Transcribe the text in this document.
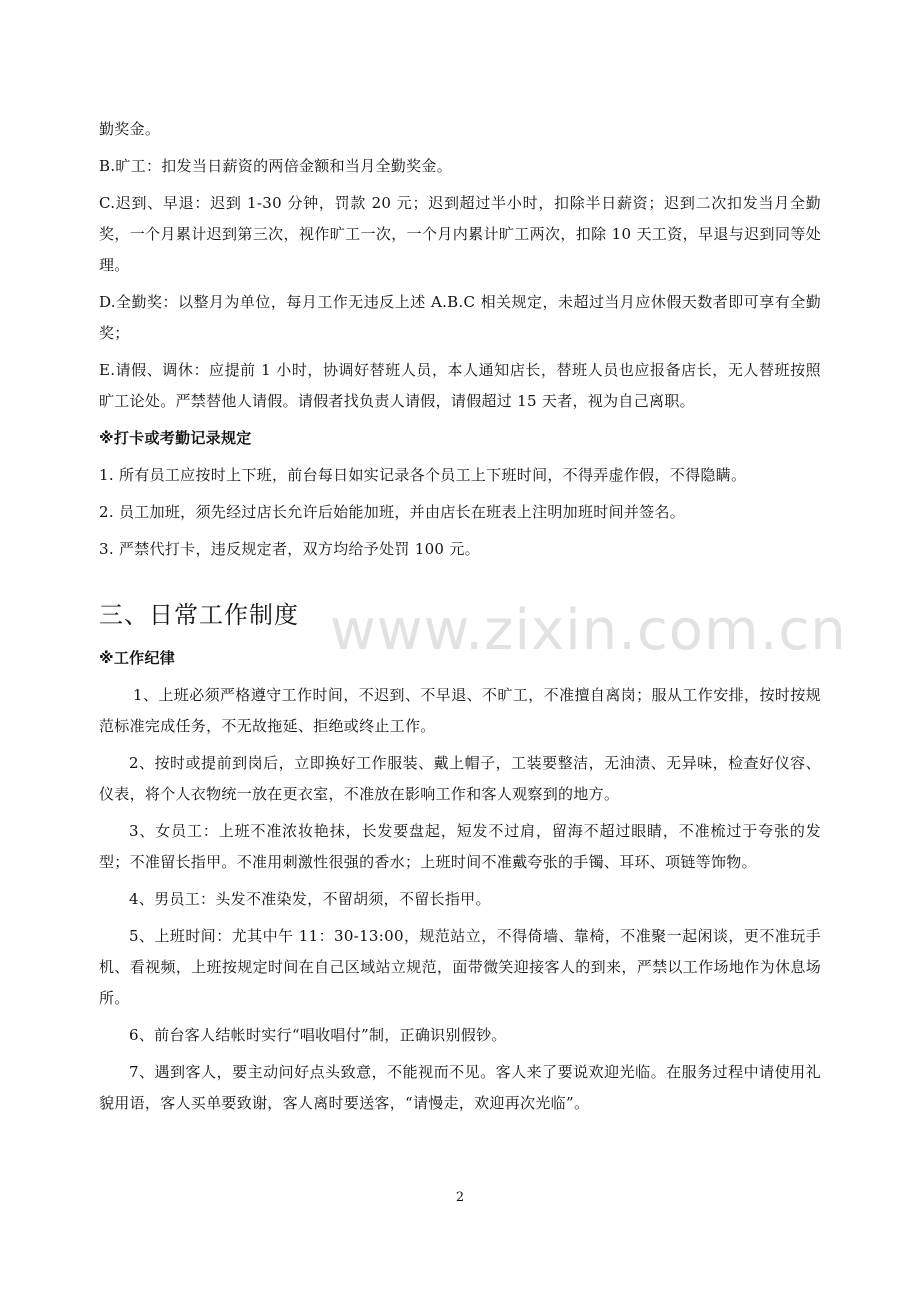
勤奖金。

B.旷工：扣发当日薪资的两倍金额和当月全勤奖金。

C.迟到、早退：迟到 1-30 分钟，罚款 20 元；迟到超过半小时，扣除半日薪资；迟到二次扣发当月全勤奖，一个月累计迟到第三次，视作旷工一次，一个月内累计旷工两次，扣除 10 天工资，早退与迟到同等处理。

D.全勤奖：以整月为单位，每月工作无违反上述 A.B.C 相关规定，未超过当月应休假天数者即可享有全勤奖；

E.请假、调休：应提前 1 小时，协调好替班人员，本人通知店长，替班人员也应报备店长，无人替班按照旷工论处。严禁替他人请假。请假者找负责人请假，请假超过 15 天者，视为自己离职。

※打卡或考勤记录规定

1. 所有员工应按时上下班，前台每日如实记录各个员工上下班时间，不得弄虚作假，不得隐瞒。

2. 员工加班，须先经过店长允许后始能加班，并由店长在班表上注明加班时间并签名。

3. 严禁代打卡，违反规定者，双方均给予处罚 100 元。

三、日常工作制度

※工作纪律

1、上班必须严格遵守工作时间，不迟到、不早退、不旷工，不准擅自离岗；服从工作安排，按时按规范标准完成任务，不无故拖延、拒绝或终止工作。

2、按时或提前到岗后，立即换好工作服装、戴上帽子，工装要整洁，无油渍、无异味，检查好仪容、仪表，将个人衣物统一放在更衣室，不准放在影响工作和客人观察到的地方。

3、女员工：上班不准浓妆艳抹，长发要盘起，短发不过肩，留海不超过眼睛，不准梳过于夸张的发型；不准留长指甲。不准用刺激性很强的香水；上班时间不准戴夸张的手镯、耳环、项链等饰物。

4、男员工：头发不准染发，不留胡须，不留长指甲。

5、上班时间：尤其中午 11：30-13:00，规范站立，不得倚墙、靠椅，不准聚一起闲谈，更不准玩手机、看视频，上班按规定时间在自己区域站立规范，面带微笑迎接客人的到来，严禁以工作场地作为休息场所。

6、前台客人结帐时实行“唱收唱付”制，正确识别假钞。

7、遇到客人，要主动问好点头致意，不能视而不见。客人来了要说欢迎光临。在服务过程中请使用礼貌用语，客人买单要致谢，客人离时要送客，“请慢走，欢迎再次光临”。

www.zixin.com.cn
2
